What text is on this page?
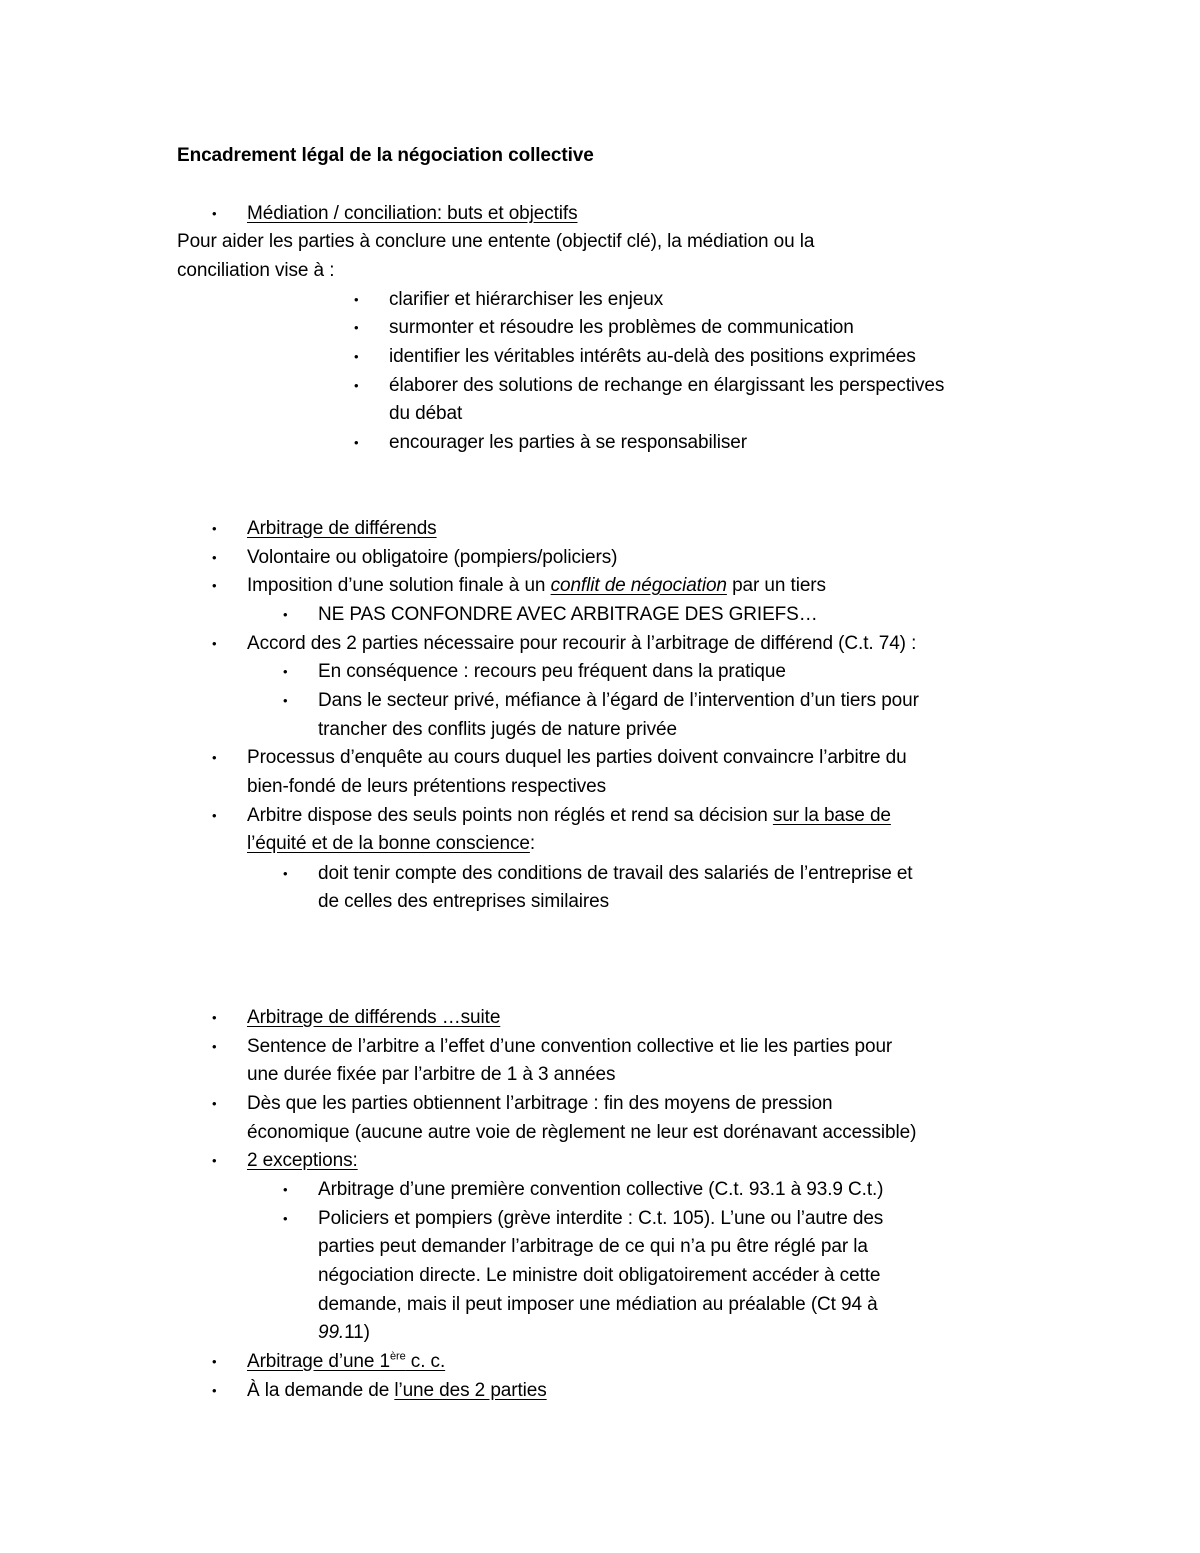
Encadrement légal de la négociation collective
• Médiation / conciliation: buts et objectifs
Pour aider les parties à conclure une entente (objectif clé), la médiation ou la
conciliation vise à :
• clarifier et hiérarchiser les enjeux
• surmonter et résoudre les problèmes de communication
• identifier les véritables intérêts au-delà des positions exprimées
• élaborer des solutions de rechange en élargissant les perspectives
du débat
• encourager les parties à se responsabiliser
• Arbitrage de différends
• Volontaire ou obligatoire (pompiers/policiers)
• Imposition d’une solution finale à un conflit de négociation par un tiers
• NE PAS CONFONDRE AVEC ARBITRAGE DES GRIEFS…
• Accord des 2 parties nécessaire pour recourir à l’arbitrage de différend (C.t. 74) :
• En conséquence : recours peu fréquent dans la pratique
• Dans le secteur privé, méfiance à l’égard de l’intervention d’un tiers pour
trancher des conflits jugés de nature privée
• Processus d’enquête au cours duquel les parties doivent convaincre l’arbitre du
bien-fondé de leurs prétentions respectives
• Arbitre dispose des seuls points non réglés et rend sa décision sur la base de
l’équité et de la bonne conscience:
• doit tenir compte des conditions de travail des salariés de l’entreprise et
de celles des entreprises similaires
• Arbitrage de différends …suite
• Sentence de l’arbitre a l’effet d’une convention collective et lie les parties pour
une durée fixée par l’arbitre de 1 à 3 années
• Dès que les parties obtiennent l’arbitrage : fin des moyens de pression
économique (aucune autre voie de règlement ne leur est dorénavant accessible)
• 2 exceptions:
• Arbitrage d’une première convention collective (C.t. 93.1 à 93.9 C.t.)
• Policiers et pompiers (grève interdite : C.t. 105). L’une ou l’autre des
parties peut demander l’arbitrage de ce qui n’a pu être réglé par la
négociation directe. Le ministre doit obligatoirement accéder à cette
demande, mais il peut imposer une médiation au préalable (Ct 94 à
99.11)
• Arbitrage d’une 1ère c. c.
• À la demande de l’une des 2 parties
